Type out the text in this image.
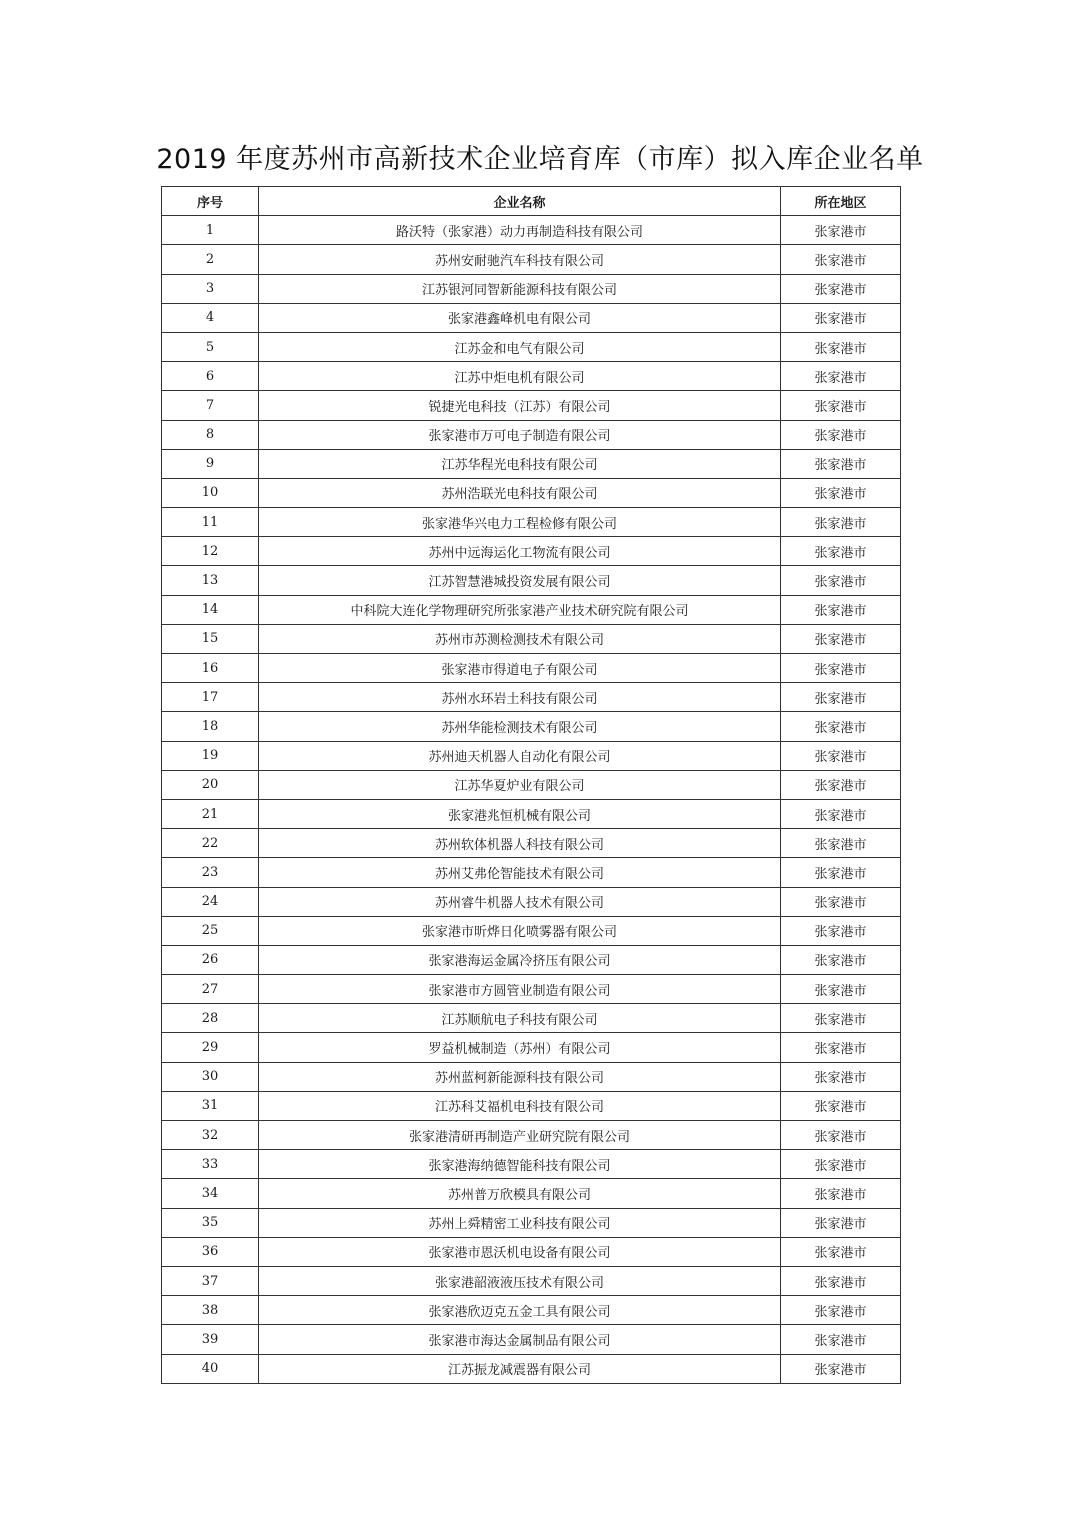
2019 年度苏州市高新技术企业培育库（市库）拟入库企业名单
序号	企业名称	所在地区
1	路沃特（张家港）动力再制造科技有限公司	张家港市
2	苏州安耐驰汽车科技有限公司	张家港市
3	江苏银河同智新能源科技有限公司	张家港市
4	张家港鑫峰机电有限公司	张家港市
5	江苏金和电气有限公司	张家港市
6	江苏中炬电机有限公司	张家港市
7	锐捷光电科技（江苏）有限公司	张家港市
8	张家港市万可电子制造有限公司	张家港市
9	江苏华程光电科技有限公司	张家港市
10	苏州浩联光电科技有限公司	张家港市
11	张家港华兴电力工程检修有限公司	张家港市
12	苏州中远海运化工物流有限公司	张家港市
13	江苏智慧港城投资发展有限公司	张家港市
14	中科院大连化学物理研究所张家港产业技术研究院有限公司	张家港市
15	苏州市苏测检测技术有限公司	张家港市
16	张家港市得道电子有限公司	张家港市
17	苏州水环岩土科技有限公司	张家港市
18	苏州华能检测技术有限公司	张家港市
19	苏州迪天机器人自动化有限公司	张家港市
20	江苏华夏炉业有限公司	张家港市
21	张家港兆恒机械有限公司	张家港市
22	苏州软体机器人科技有限公司	张家港市
23	苏州艾弗伦智能技术有限公司	张家港市
24	苏州睿牛机器人技术有限公司	张家港市
25	张家港市昕烨日化喷雾器有限公司	张家港市
26	张家港海运金属冷挤压有限公司	张家港市
27	张家港市方圆管业制造有限公司	张家港市
28	江苏顺航电子科技有限公司	张家港市
29	罗益机械制造（苏州）有限公司	张家港市
30	苏州蓝柯新能源科技有限公司	张家港市
31	江苏科艾福机电科技有限公司	张家港市
32	张家港清研再制造产业研究院有限公司	张家港市
33	张家港海纳德智能科技有限公司	张家港市
34	苏州普万欣模具有限公司	张家港市
35	苏州上舜精密工业科技有限公司	张家港市
36	张家港市恩沃机电设备有限公司	张家港市
37	张家港韶液液压技术有限公司	张家港市
38	张家港欣迈克五金工具有限公司	张家港市
39	张家港市海达金属制品有限公司	张家港市
40	江苏振龙减震器有限公司	张家港市
